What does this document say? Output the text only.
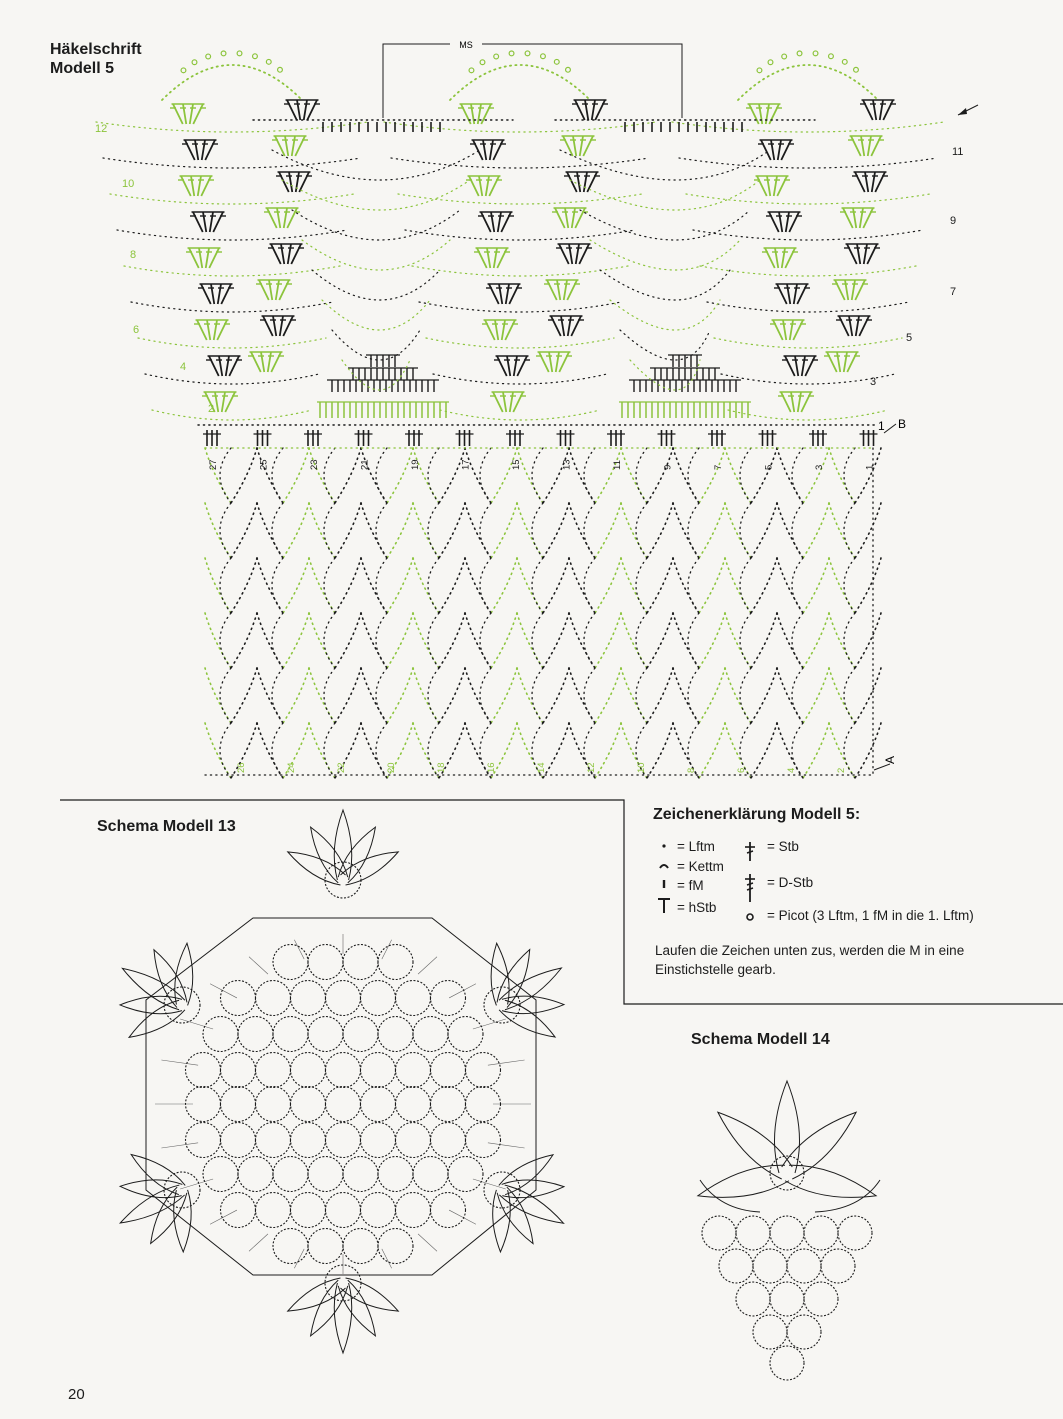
Häkelschrift
Modell 5
MS
2
4
6
8
10
12
3
5
7
9
11
27	25	23	21	19	17	15	13	11	9	7	5	3	1
26	24	22	20	18	16	14	12	10	8	6	4	2
1 B
A
Schema Modell 13
Zeichenerklärung Modell 5:
= Lftm
= Kettm
= fM
= hStb
= Stb
= D-Stb
= Picot (3 Lftm, 1 fM in die 1. Lftm)
Laufen die Zeichen unten zus, werden die M in eine Einstichstelle gearb.
Schema Modell 14
20
